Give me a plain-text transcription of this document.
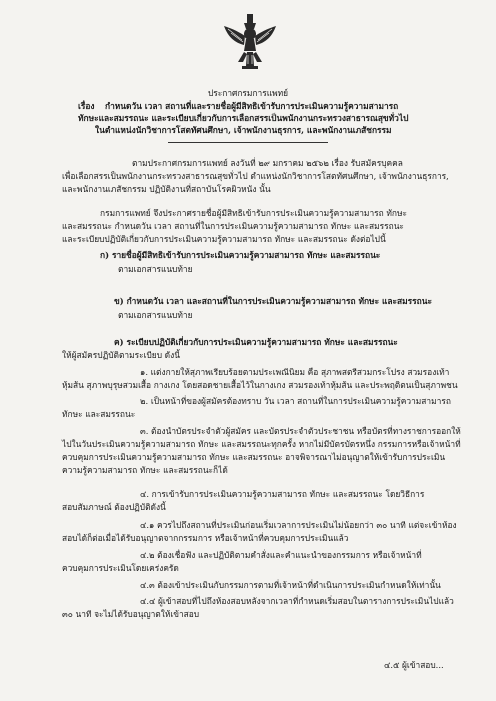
ประกาศกรมการแพทย์
เรื่อง กำหนดวัน เวลา สถานที่และรายชื่อผู้มีสิทธิเข้ารับการประเมินความรู้ความสามารถ
ทักษะและสมรรถนะ และระเบียบเกี่ยวกับการเลือกสรรเป็นพนักงานกระทรวงสาธารณสุขทั่วไป
ในตำแหน่งนักวิชาการโสตทัศนศึกษา, เจ้าพนักงานธุรการ, และพนักงานเภสัชกรรม
ตามประกาศกรมการแพทย์ ลงวันที่ ๒๙ มกราคม ๒๕๖๒ เรื่อง รับสมัครบุคคล
เพื่อเลือกสรรเป็นพนักงานกระทรวงสาธารณสุขทั่วไป ตำแหน่งนักวิชาการโสตทัศนศึกษา, เจ้าพนักงานธุรการ,
และพนักงานเภสัชกรรม ปฏิบัติงานที่สถาบันโรคผิวหนัง นั้น
กรมการแพทย์ จึงประกาศรายชื่อผู้มีสิทธิเข้ารับการประเมินความรู้ความสามารถ ทักษะ
และสมรรถนะ กำหนดวัน เวลา สถานที่ในการประเมินความรู้ความสามารถ ทักษะ และสมรรถนะ
และระเบียบปฏิบัติเกี่ยวกับการประเมินความรู้ความสามารถ ทักษะ และสมรรถนะ ดังต่อไปนี้
ก) รายชื่อผู้มีสิทธิเข้ารับการประเมินความรู้ความสามารถ ทักษะ และสมรรถนะ
ตามเอกสารแนบท้าย
ข) กำหนดวัน เวลา และสถานที่ในการประเมินความรู้ความสามารถ ทักษะ และสมรรถนะ
ตามเอกสารแนบท้าย
ค) ระเบียบปฏิบัติเกี่ยวกับการประเมินความรู้ความสามารถ ทักษะ และสมรรถนะ
ให้ผู้สมัครปฏิบัติตามระเบียบ ดังนี้
๑. แต่งกายให้สุภาพเรียบร้อยตามประเพณีนิยม คือ สุภาพสตรีสวมกระโปรง สวมรองเท้า
หุ้มส้น สุภาพบุรุษสวมเสื้อ กางเกง โดยสอดชายเสื้อไว้ในกางเกง สวมรองเท้าหุ้มส้น และประพฤติตนเป็นสุภาพชน
๒. เป็นหน้าที่ของผู้สมัครต้องทราบ วัน เวลา สถานที่ในการประเมินความรู้ความสามารถ
ทักษะ และสมรรถนะ
๓. ต้องนำบัตรประจำตัวผู้สมัคร และบัตรประจำตัวประชาชน หรือบัตรที่ทางราชการออกให้
ไปในวันประเมินความรู้ความสามารถ ทักษะ และสมรรถนะทุกครั้ง หากไม่มีบัตรบัตรหนึ่ง กรรมการหรือเจ้าหน้าที่
ควบคุมการประเมินความรู้ความสามารถ ทักษะ และสมรรถนะ อาจพิจารณาไม่อนุญาตให้เข้ารับการประเมิน
ความรู้ความสามารถ ทักษะ และสมรรถนะก็ได้
๔. การเข้ารับการประเมินความรู้ความสามารถ ทักษะ และสมรรถนะ โดยวิธีการ
สอบสัมภาษณ์ ต้องปฏิบัติดังนี้
๔.๑ ควรไปถึงสถานที่ประเมินก่อนเริ่มเวลาการประเมินไม่น้อยกว่า ๓๐ นาที แต่จะเข้าห้อง
สอบได้ก็ต่อเมื่อได้รับอนุญาตจากกรรมการ หรือเจ้าหน้าที่ควบคุมการประเมินแล้ว
๔.๒ ต้องเชื่อฟัง และปฏิบัติตามคำสั่งและคำแนะนำของกรรมการ หรือเจ้าหน้าที่
ควบคุมการประเมินโดยเคร่งครัด
๔.๓ ต้องเข้าประเมินกับกรรมการตามที่เจ้าหน้าที่ดำเนินการประเมินกำหนดให้เท่านั้น
๔.๔ ผู้เข้าสอบที่ไปถึงห้องสอบหลังจากเวลาที่กำหนดเริ่มสอบในตารางการประเมินไปแล้ว
๓๐ นาที จะไม่ได้รับอนุญาตให้เข้าสอบ
๔.๕ ผู้เข้าสอบ...
